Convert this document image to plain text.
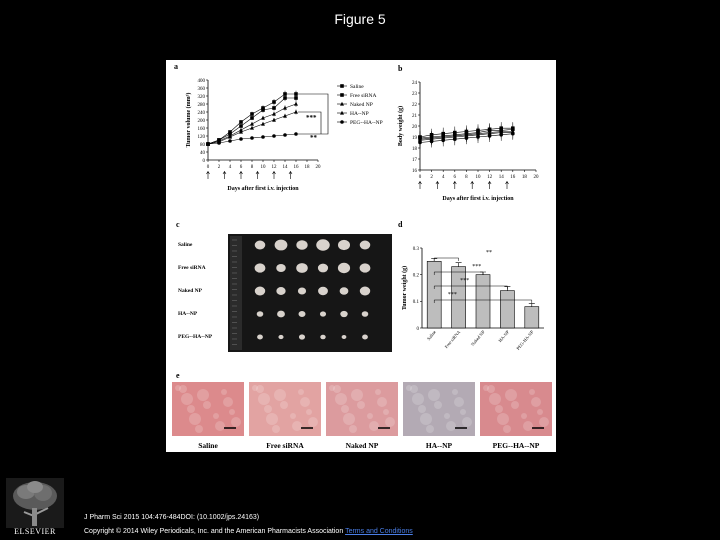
Figure 5
a	b
c	d
e
0 2 4 6 8 10 12 14 16 18 20
0
40
80
120
160
200
240
280
320
360
400
Days after first i.v. injection
Tumor volume (mm³)
Saline
Free siRNA
Naked NP
HA--NP
PEG--HA--NP
***
**
0 2 4 6 8 10 12 14 16 18 20
16
17
18
19
20
21
22
23
24
Days after first i.v. injection
Body weight (g)
Saline
Free siRNA
Naked NP
HA--NP
PEG--HA--NP
0
0.1
0.2
0.3
Tumor weight (g)
Saline Free siRNA Naked NP	HA-NP PEG-HA-NP
**
***
***
***
Saline	Free siRNA	Naked NP	HA--NP	PEG--HA--NP
ELSEVIER
J Pharm Sci 2015 104:476-484DOI: (10.1002/jps.24163)
Copyright © 2014 Wiley Periodicals, Inc. and the American Pharmacists Association Terms and Conditions
